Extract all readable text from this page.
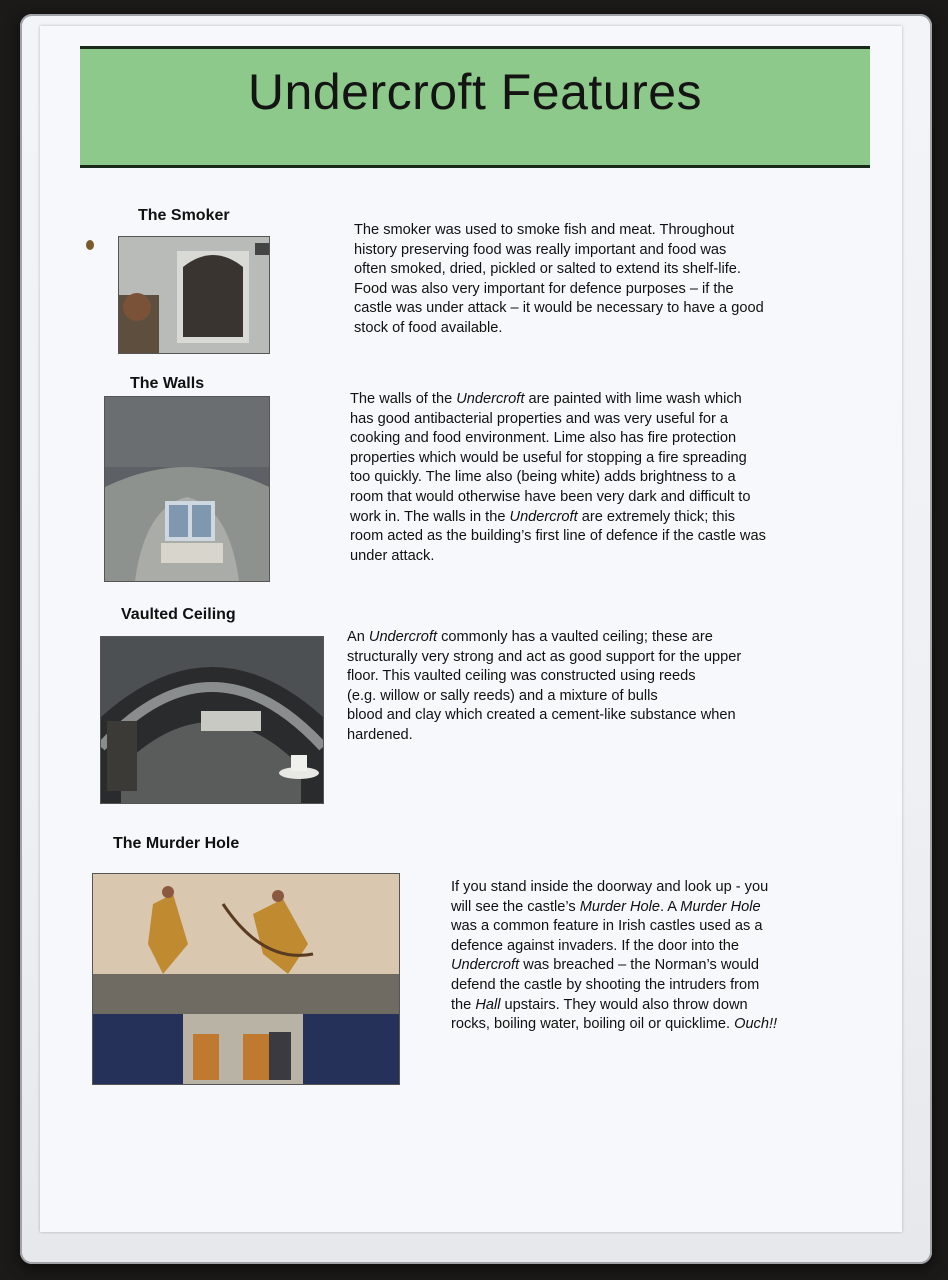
Undercroft Features
The Smoker

The smoker was used to smoke fish and meat. Throughout

history preserving food was really important and food was

often smoked, dried, pickled or salted to extend its shelf-life.

Food was also very important for defence purposes – if the

castle was under attack – it would be necessary to have a good

stock of food available.

The Walls

The walls of the Undercroft are painted with lime wash which

has good antibacterial properties and was very useful for a

cooking and food environment. Lime also has fire protection

properties which would be useful for stopping a fire spreading

too quickly. The lime also (being white) adds brightness to a

room that would otherwise have been very dark and difficult to

work in. The walls in the Undercroft are extremely thick; this

room acted as the building’s first line of defence if the castle was

under attack.

Vaulted Ceiling

An Undercroft commonly has a vaulted ceiling; these are

structurally very strong and act as good support for the upper

floor. This vaulted ceiling was constructed using reeds

(e.g. willow or sally reeds) and a mixture of bulls

blood and clay which created a cement-like substance when

hardened.

The Murder Hole

If you stand inside the doorway and look up - you

will see the castle’s Murder Hole. A Murder Hole

was a common feature in Irish castles used as a

defence against invaders. If the door into the

Undercroft was breached – the Norman’s would

defend the castle by shooting the intruders from

the Hall upstairs. They would also throw down

rocks, boiling water, boiling oil or quicklime. Ouch!!
